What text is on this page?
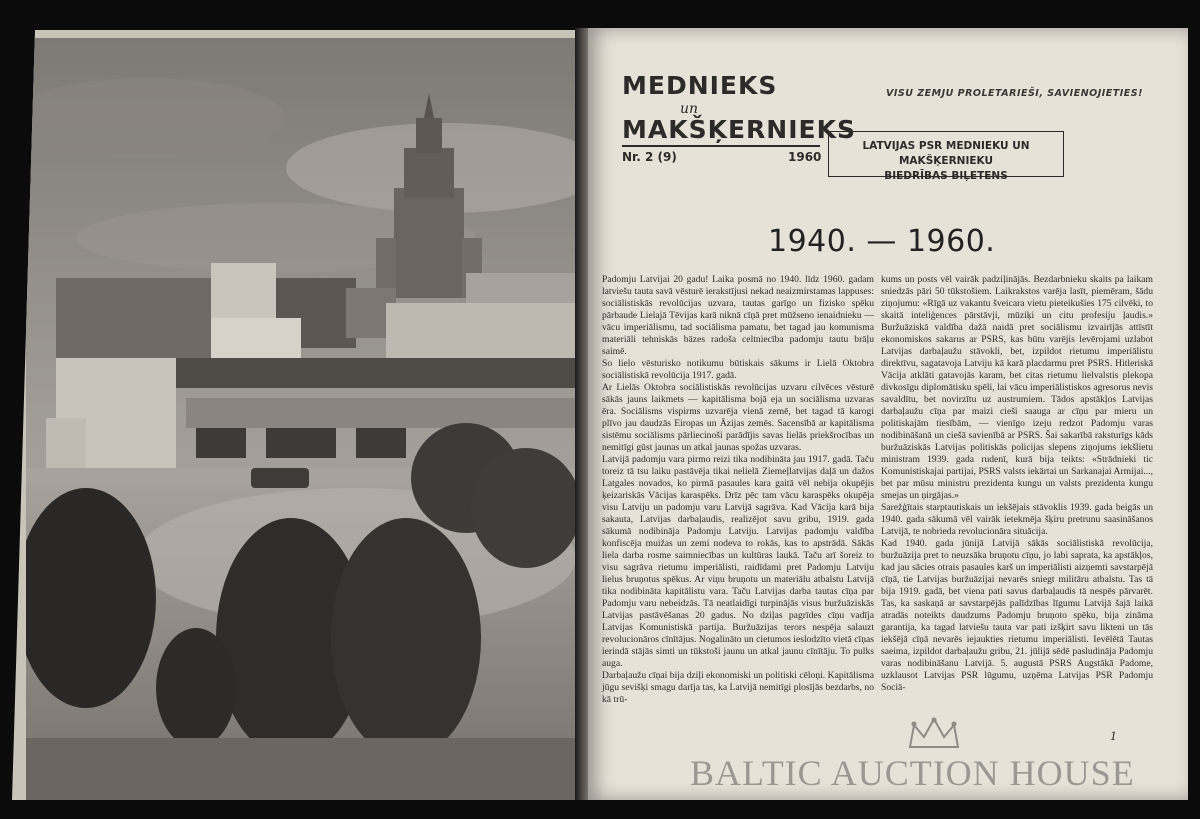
MEDNIEKS
un
MAKŠĶERNIEKS
Nr. 2 (9)	1960
VISU ZEMJU PROLETARIEŠI, SAVIENOJIETIES!
LATVIJAS PSR MEDNIEKU UN MAKŠĶERNIEKU
BIEDRĪBAS BIĻETENS
1940. — 1960.
Padomju Latvijai 20 gadu! Laika posmā no 1940. līdz 1960. gadam latviešu tauta savā vēsturē ierakstījusi nekad neaizmirstamas lappuses: sociālistiskās revolūcijas uzvara, tautas garīgo un fizisko spēku pārbaude Lielajā Tēvijas karā niknā cīņā pret mūžseno ienaidnieku — vācu imperiālismu, tad sociālisma pamatu, bet tagad jau komunisma materiāli tehniskās bāzes radoša celtniecība padomju tautu brāļu saimē.
So lielo vēsturisko notikumu būtiskais sākums ir Lielā Oktobra sociālistiskā revolūcija 1917. gadā.
Ar Lielās Oktobra sociālistiskās revolūcijas uzvaru cilvēces vēsturē sākās jauns laikmets — kapitālisma bojā eja un sociālisma uzvaras ēra. Sociālisms vispirms uzvarēja vienā zemē, bet tagad tā karogi plīvo jau daudzās Eiropas un Āzijas zemēs. Sacensībā ar kapitālisma sistēmu sociālisms pārliecinoši parādījis savas lielās priekšrocības un nemitīgi gūst jaunas un atkal jaunas spožas uzvaras.
Latvijā padomju vara pirmo reizi tika nodibināta jau 1917. gadā. Taču toreiz tā tsu laiku pastāvēja tikai nelielā Ziemeļlatvijas daļā un dažos Latgales novados, ko pirmā pasaules kara gaitā vēl nebija okupējis ķeizariskās Vācijas karaspēks. Drīz pēc tam vācu karaspēks okupēja visu Latviju un padomju varu Latvijā sagrāva. Kad Vācija karā bija sakauta, Latvijas darbaļaudis, realizējot savu gribu, 1919. gada sākumā nodibināja Padomju Latviju. Latvijas padomju valdība konfiscēja muižas un zemi nodeva to rokās, kas to apstrādā. Sākās liela darba rosme saimniecības un kultūras laukā. Taču arī šoreiz to visu sagrāva rietumu imperiālisti, raidīdami pret Padomju Latviju lielus bruņotus spēkus. Ar viņu bruņotu un materiālu atbalstu Latvijā tika nodibināta kapitālistu vara. Taču Latvijas darba tautas cīņa par Padomju varu nebeidzās. Tā neatlaidīgi turpinājās visus buržuāziskās Latvijas pastāvēšanas 20 gadus. No dziļas pagrīdes cīņu vadīja Latvijas Komunistiskā partija. Buržuāzijas terors nespēja salauzt revolucionāros cīnītājus. Nogalināto un cietumos ieslodzīto vietā cīņas ierindā stājās simti un tūkstoši jaunu un atkal jaunu cīnītāju. To pulks auga.
Darbaļaužu cīņai bija dziļi ekonomiski un politiski cēloņi. Kapitālisma jūgu sevišķi smagu darīja tas, ka Latvijā nemitīgi plosījās bezdarbs, no kā trū-
kums un posts vēl vairāk padziļinājās. Bezdarbnieku skaits pa laikam sniedzās pāri 50 tūkstošiem. Laikrakstos varēja lasīt, piemēram, šādu ziņojumu: «Rīgā uz vakantu šveicara vietu pieteikušies 175 cilvēki, to skaitā inteliģences pārstāvji, mūziķi un citu profesiju ļaudis.» Buržuāziskā valdība dažā naidā pret sociālismu izvairījās attīstīt ekonomiskos sakarus ar PSRS, kas būtu varējis levērojami uzlabot Latvijas darbaļaužu stāvokli, bet, izpildot rietumu imperiālistu direktīvu, sagatavoja Latviju kā karā placdarmu pret PSRS. Hitleriskā Vācija atklāti gatavojās karam, bet citas rietumu lielvalstis plekopa divkosīgu diplomātisku spēli, lai vācu imperiālistiskos agresorus nevis savaldītu, bet novirzītu uz austrumiem. Tādos apstākļos Latvijas darbaļaužu cīņa par maizi cieši saauga ar cīņu par mieru un politiskajām tiesībām, — vienīgo izeju redzot Padomju varas nodibināšanā un ciešā savienībā ar PSRS. Šai sakarībā raksturīgs kāds buržuāziskās Latvijas politiskās policijas slepens ziņojums iekšlietu ministram 1939. gada rudenī, kurā bija teikts: «Strādnieki tic Komunistiskajai partijai, PSRS valsts iekārtai un Sarkanajai Armijai..., bet par mūsu ministru prezidenta kungu un valsts prezidenta kungu smejas un ņirgājas.»
Sarežģītais starptautiskais un iekšējais stāvoklis 1939. gada beigās un 1940. gada sākumā vēl vairāk ietekmēja šķiru pretrunu saasināšanos Latvijā, te nobrieda revolucionāra situācija.
Kad 1940. gada jūnijā Latvijā sākās sociālistiskā revolūcija, buržuāzija pret to neuzsāka bruņotu cīņu, jo labi saprata, ka apstākļos, kad jau sācies otrais pasaules karš un imperiālisti aizņemti savstarpējā cīņā, tie Latvijas buržuāzijai nevarēs sniegt militāru atbalstu. Tas tā bija 1919. gadā, bet viena pati savus darbaļaudis tā nespēs pārvarēt. Tas, ka saskaņā ar savstarpējās palīdzības līgumu Latvijā šajā laikā atradās noteikts daudzums Padomju bruņoto spēku, bija zināma garantija, ka tagad latviešu tauta var pati izšķirt savu likteni un tās iekšējā cīņā nevarēs iejaukties rietumu imperiālisti. Ievēlētā Tautas saeima, izpildot darbaļaužu gribu, 21. jūlijā sēdē pasludināja Padomju varas nodibināšanu Latvijā. 5. augustā PSRS Augstākā Padome, uzklausot Latvijas PSR lūgumu, uzņēma Latvijas PSR Padomju Sociā-
1
BALTIC AUCTION HOUSE
